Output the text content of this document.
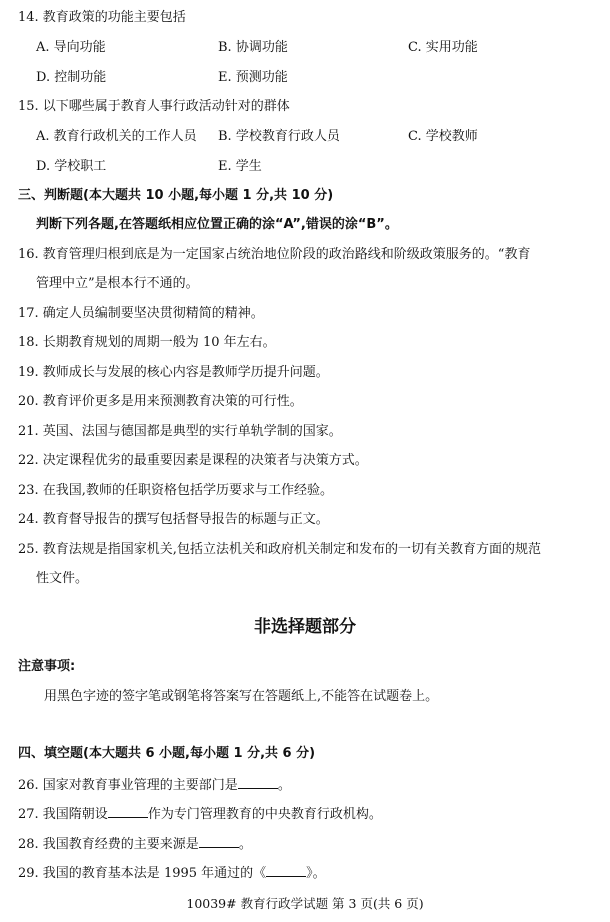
14. 教育政策的功能主要包括
A. 导向功能	B. 协调功能	C. 实用功能
D. 控制功能	E. 预测功能
15. 以下哪些属于教育人事行政活动针对的群体
A. 教育行政机关的工作人员 B. 学校教育行政人员	C. 学校教师
D. 学校职工	E. 学生
三、判断题(本大题共 10 小题,每小题 1 分,共 10 分)
判断下列各题,在答题纸相应位置正确的涂“A”,错误的涂“B”。
16. 教育管理归根到底是为一定国家占统治地位阶段的政治路线和阶级政策服务的。“教育
管理中立”是根本行不通的。
17. 确定人员编制要坚决贯彻精简的精神。
18. 长期教育规划的周期一般为 10 年左右。
19. 教师成长与发展的核心内容是教师学历提升问题。
20. 教育评价更多是用来预测教育决策的可行性。
21. 英国、法国与德国都是典型的实行单轨学制的国家。
22. 决定课程优劣的最重要因素是课程的决策者与决策方式。
23. 在我国,教师的任职资格包括学历要求与工作经验。
24. 教育督导报告的撰写包括督导报告的标题与正文。
25. 教育法规是指国家机关,包括立法机关和政府机关制定和发布的一切有关教育方面的规范
性文件。
非选择题部分
注意事项:
用黑色字迹的签字笔或钢笔将答案写在答题纸上,不能答在试题卷上。
四、填空题(本大题共 6 小题,每小题 1 分,共 6 分)
26. 国家对教育事业管理的主要部门是	。
27. 我国隋朝设	作为专门管理教育的中央教育行政机构。
28. 我国教育经费的主要来源是	。
29. 我国的教育基本法是 1995 年通过的《	》。
10039# 教育行政学试题 第 3 页(共 6 页)
